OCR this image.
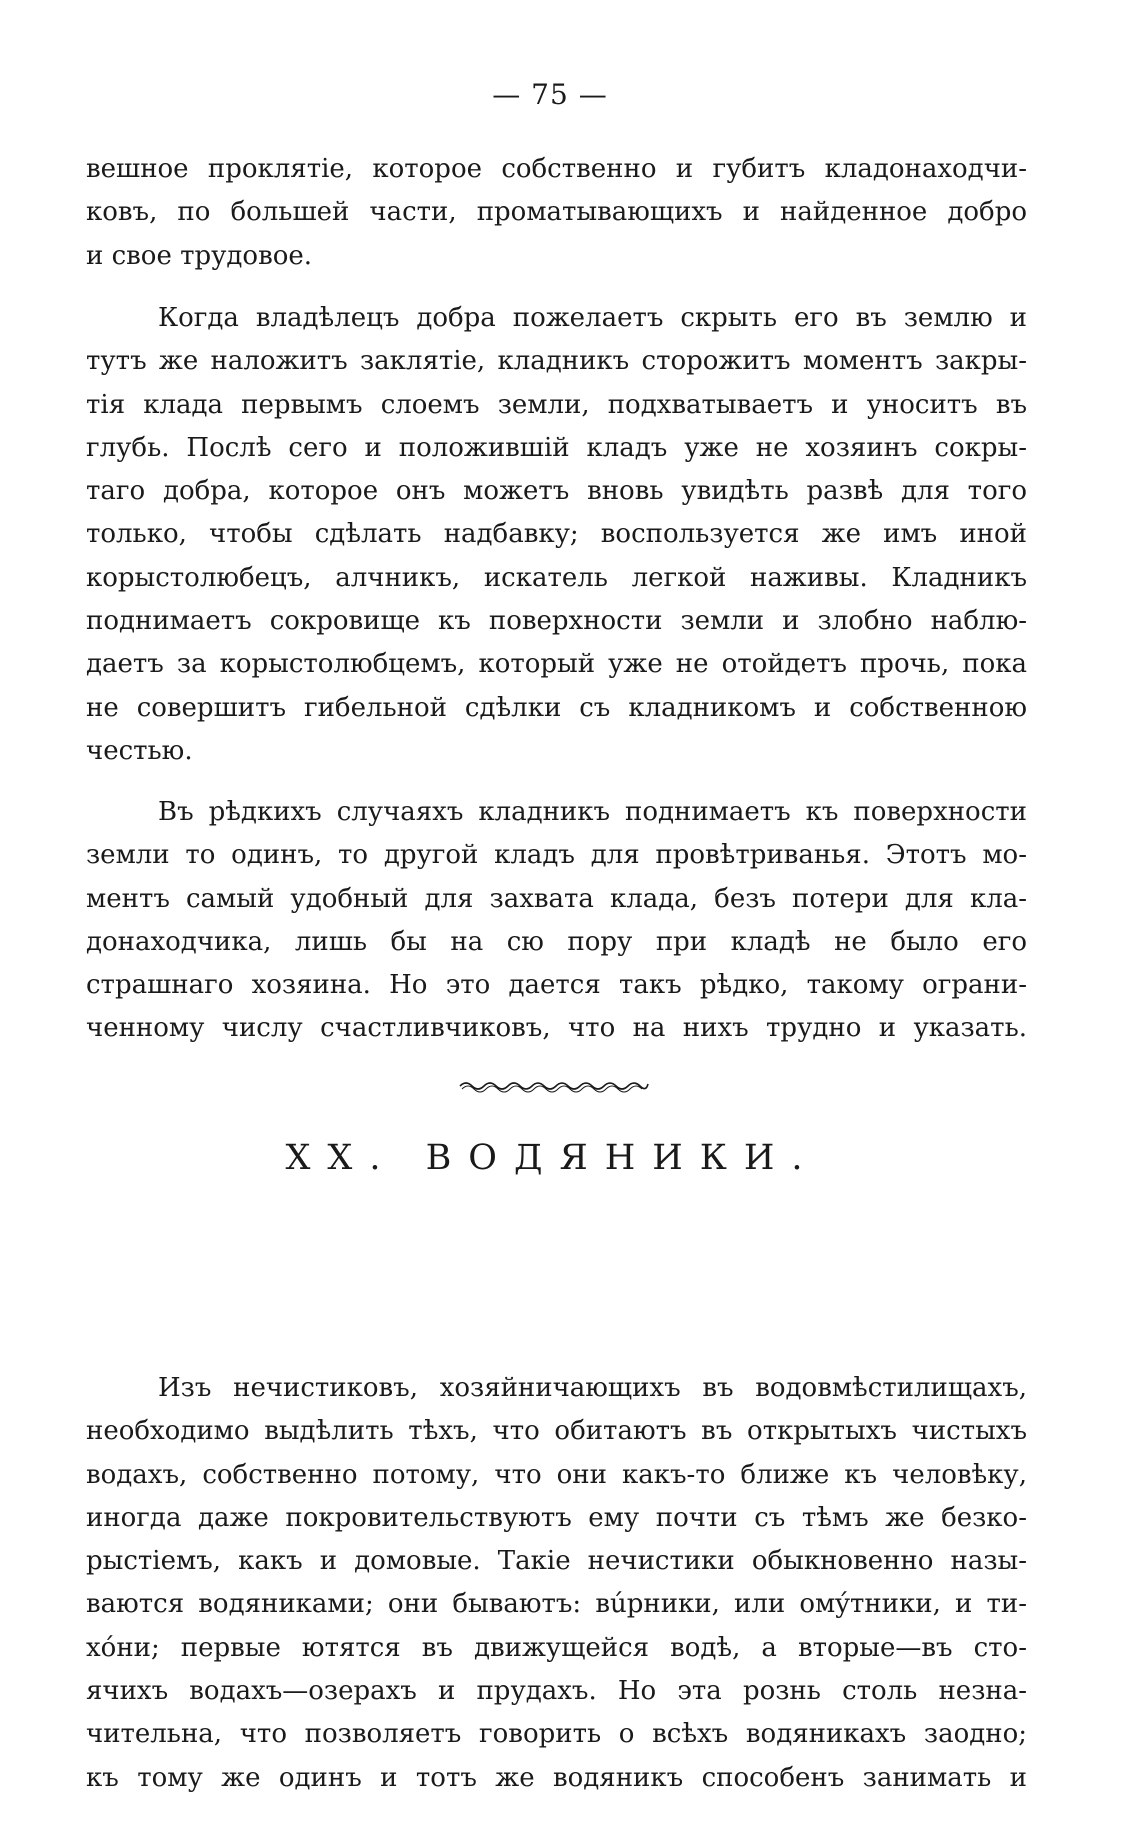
— 75 —
вешное проклятіе, которое собственно и губитъ кладонаходчи-
ковъ, по большей части, проматывающихъ и найденное добро
и свое трудовое.
Когда владѣлецъ добра пожелаетъ скрыть его въ землю и
тутъ же наложитъ заклятіе, кладникъ сторожитъ моментъ закры-
тія клада первымъ слоемъ земли, подхватываетъ и уноситъ въ
глубь. Послѣ сего и положившій кладъ уже не хозяинъ сокры-
таго добра, которое онъ можетъ вновь увидѣть развѣ для того
только, чтобы сдѣлать надбавку; воспользуется же имъ иной
корыстолюбецъ, алчникъ, искатель легкой наживы. Кладникъ
поднимаетъ сокровище къ поверхности земли и злобно наблю-
даетъ за корыстолюбцемъ, который уже не отойдетъ прочь, пока
не совершитъ гибельной сдѣлки съ кладникомъ и собственною
честью.
Въ рѣдкихъ случаяхъ кладникъ поднимаетъ къ поверхности
земли то одинъ, то другой кладъ для провѣтриванья. Этотъ мо-
ментъ самый удобный для захвата клада, безъ потери для кла-
донаходчика, лишь бы на сю пору при кладѣ не было его
страшнаго хозяина. Но это дается такъ рѣдко, такому ограни-
ченному числу счастливчиковъ, что на нихъ трудно и указать.
XX. ВОДЯНИКИ.
Изъ нечистиковъ, хозяйничающихъ въ водовмѣстилищахъ,
необходимо выдѣлить тѣхъ, что обитаютъ въ открытыхъ чистыхъ
водахъ, собственно потому, что они какъ-то ближе къ человѣку,
иногда даже покровительствуютъ ему почти съ тѣмъ же безко-
рыстіемъ, какъ и домовые. Такіе нечистики обыкновенно назы-
ваются водяниками; они бываютъ: вúрники, или омýтники, и ти-
хóни; первые ютятся въ движущейся водѣ, а вторые—въ сто-
ячихъ водахъ—озерахъ и прудахъ. Но эта рознь столь незна-
чительна, что позволяетъ говорить о всѣхъ водяникахъ заодно;
къ тому же одинъ и тотъ же водяникъ способенъ занимать и
